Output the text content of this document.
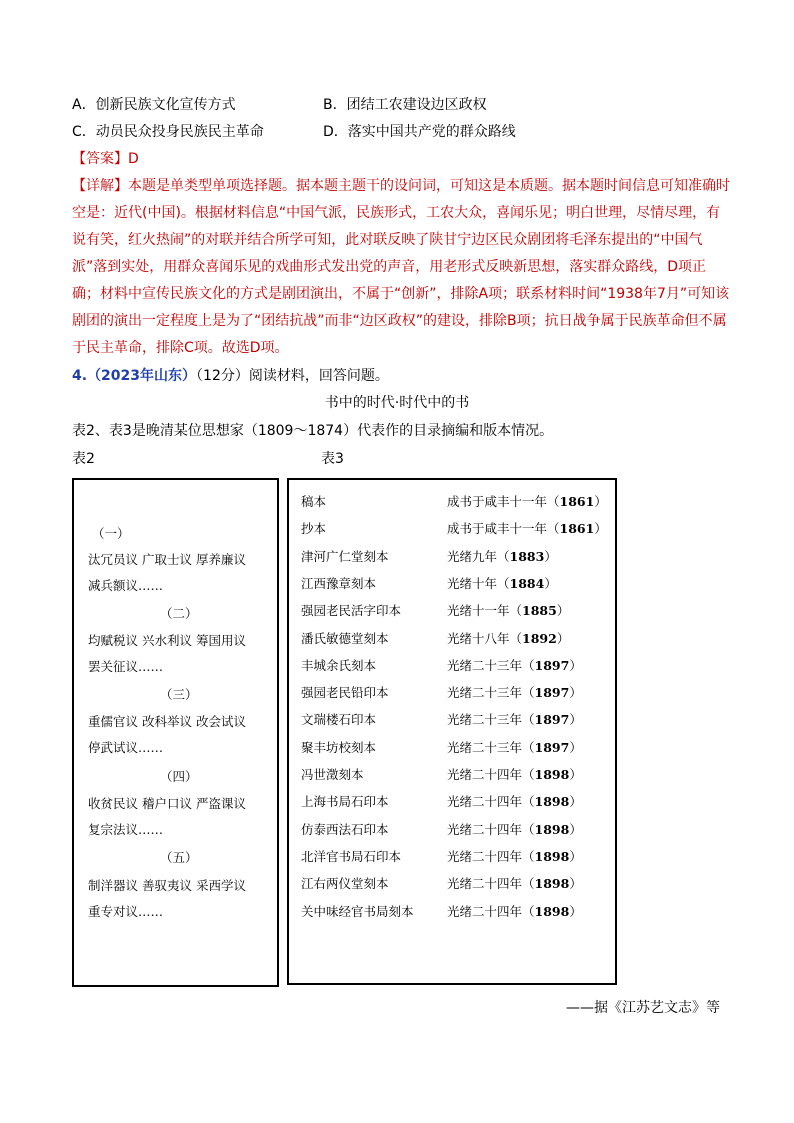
A．创新民族文化宣传方式	B．团结工农建设边区政权
C．动员民众投身民族民主革命	D．落实中国共产党的群众路线
【答案】D
【详解】本题是单类型单项选择题。据本题主题干的设问词，可知这是本质题。据本题时间信息可知准确时空是：近代(中国)。根据材料信息“中国气派，民族形式，工农大众，喜闻乐见；明白世理，尽情尽理，有说有笑，红火热闹”的对联并结合所学可知，此对联反映了陕甘宁边区民众剧团将毛泽东提出的“中国气派”落到实处，用群众喜闻乐见的戏曲形式发出党的声音，用老形式反映新思想，落实群众路线，D项正确；材料中宣传民族文化的方式是剧团演出，不属于“创新”，排除A项；联系材料时间“1938年7月”可知该剧团的演出一定程度上是为了“团结抗战”而非“边区政权”的建设，排除B项；抗日战争属于民族革命但不属于民主革命，排除C项。故选D项。
4.（2023年山东）（12分）阅读材料，回答问题。
书中的时代·时代中的书
表2、表3是晚清某位思想家（1809～1874）代表作的目录摘编和版本情况。
表2	表3
（一）
汰冗员议 广取士议 厚养廉议
减兵额议……
（二）
均赋税议 兴水利议 筹国用议
罢关征议……
（三）
重儒官议 改科举议 改会试议
停武试议……
（四）
收贫民议 稽户口议 严盗课议
复宗法议……
（五）
制洋器议 善驭夷议 采西学议
重专对议……
稿本	成书于咸丰十一年（1861）
抄本	成书于咸丰十一年（1861）
津河广仁堂刻本	光绪九年（1883）
江西豫章刻本	光绪十年（1884）
强园老民活字印本	光绪十一年（1885）
潘氏敏德堂刻本	光绪十八年（1892）
丰城余氏刻本	光绪二十三年（1897）
强园老民铅印本	光绪二十三年（1897）
文瑞楼石印本	光绪二十三年（1897）
聚丰坊校刻本	光绪二十三年（1897）
冯世澂刻本	光绪二十四年（1898）
上海书局石印本	光绪二十四年（1898）
仿泰西法石印本	光绪二十四年（1898）
北洋官书局石印本	光绪二十四年（1898）
江右两仪堂刻本	光绪二十四年（1898）
关中味经官书局刻本	光绪二十四年（1898）
——据《江苏艺文志》等
